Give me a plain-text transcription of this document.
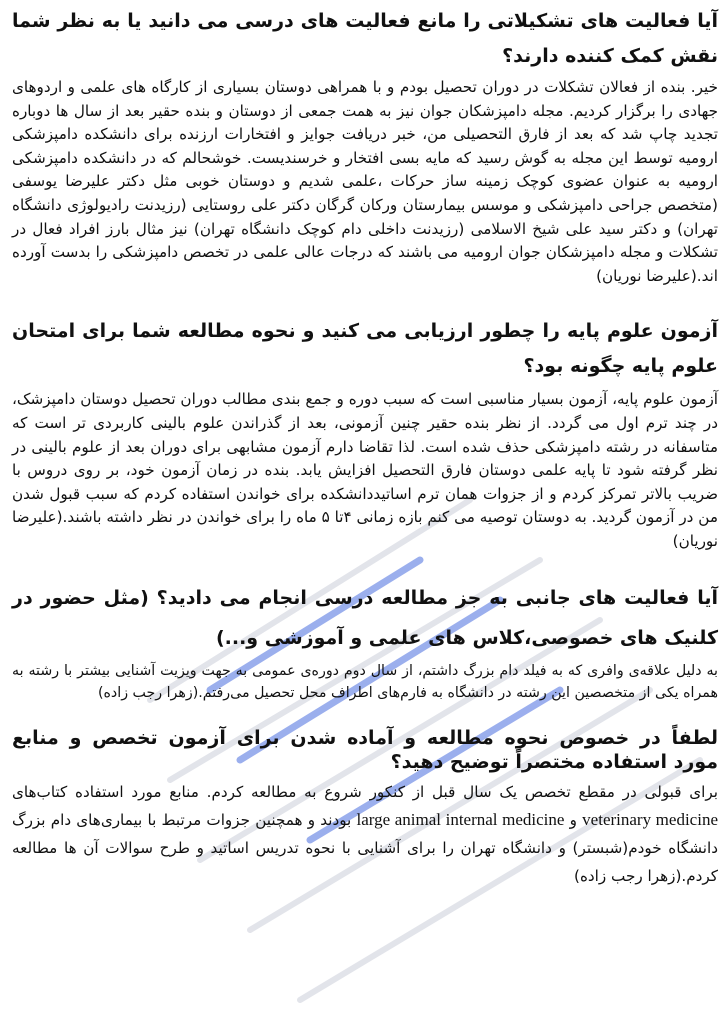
آیا فعالیت های تشکیلاتی را مانع فعالیت های درسی می دانید یا به نظر شما نقش کمک کننده دارند؟

خیر. بنده از فعالان تشکلات در دوران تحصیل بودم و با همراهی دوستان بسیاری از کارگاه های علمی و اردوهای جهادی را برگزار کردیم. مجله دامپزشکان جوان نیز به همت جمعی از دوستان و بنده حقیر بعد از سال ها دوباره تجدید چاپ شد که بعد از فارق التحصیلی من، خبر دریافت جوایز و افتخارات ارزنده برای دانشکده دامپزشکی ارومیه توسط این مجله به گوش رسید که مایه بسی افتخار و خرسندیست. خوشحالم که در دانشکده دامپزشکی ارومیه به عنوان عضوی کوچک زمینه ساز حرکات ،علمی شدیم و دوستان خوبی مثل دکتر علیرضا یوسفی (متخصص جراحی دامپزشکی و موسس بیمارستان ورکان گرگان دکتر علی روستایی (رزیدنت رادیولوژی دانشگاه تهران) و دکتر سید علی شیخ الاسلامی (رزیدنت داخلی دام کوچک دانشگاه تهران) نیز مثال بارز افراد فعال در تشکلات و مجله دامپزشکان جوان ارومیه می باشند که درجات عالی علمی در تخصص دامپزشکی را بدست آورده اند.(علیرضا نوریان)

آزمون علوم پایه را چطور ارزیابی می کنید و نحوه مطالعه شما برای امتحان علوم پایه چگونه بود؟

آزمون علوم پایه، آزمون بسیار مناسبی است که سبب دوره و جمع بندی مطالب دوران تحصیل دوستان دامپزشک، در چند ترم اول می گردد. از نظر بنده حقیر چنین آزمونی، بعد از گذراندن علوم بالینی کاربردی تر است که متاسفانه در رشته دامپزشکی حذف شده است. لذا تقاضا دارم آزمون مشابهی برای دوران بعد از علوم بالینی در نظر گرفته شود تا پایه علمی دوستان فارق التحصیل افزایش یابد. بنده در زمان آزمون خود، بر روی دروس با ضریب بالاتر تمرکز کردم و از جزوات همان ترم اساتیددانشکده برای خواندن استفاده کردم که سبب قبول شدن من در آزمون گردید. به دوستان توصیه می کنم بازه زمانی ۴تا ۵ ماه را برای خواندن در نظر داشته باشند.(علیرضا نوریان)

آیا فعالیت های جانبی به جز مطالعه درسی انجام می دادید؟ (مثل حضور در کلنیک های خصوصی،کلاس های علمی و آموزشی و...)

به دلیل علاقه‌ی وافری که به فیلد دام بزرگ داشتم، از سال دوم دوره‌ی عمومی به جهت ویزیت آشنایی بیشتر با رشته به همراه یکی از متخصصین این رشته در دانشگاه به فارم‌های اطراف محل تحصیل می‌رفتم.(زهرا رجب زاده)

لطفاً در خصوص نحوه مطالعه و آماده شدن برای آزمون تخصص و منابع مورد استفاده مختصراً توضیح دهید؟

برای قبولی در مقطع تخصص یک سال قبل از کنکور شروع به مطالعه کردم. منابع مورد استفاده کتاب‌های veterinary medicine و large animal internal medicine بودند و همچنین جزوات مرتبط با بیماری‌های دام بزرگ دانشگاه خودم(شبستر) و دانشگاه تهران را برای آشنایی با نحوه تدریس اساتید و طرح سوالات آن ها مطالعه کردم.(زهرا رجب زاده)
